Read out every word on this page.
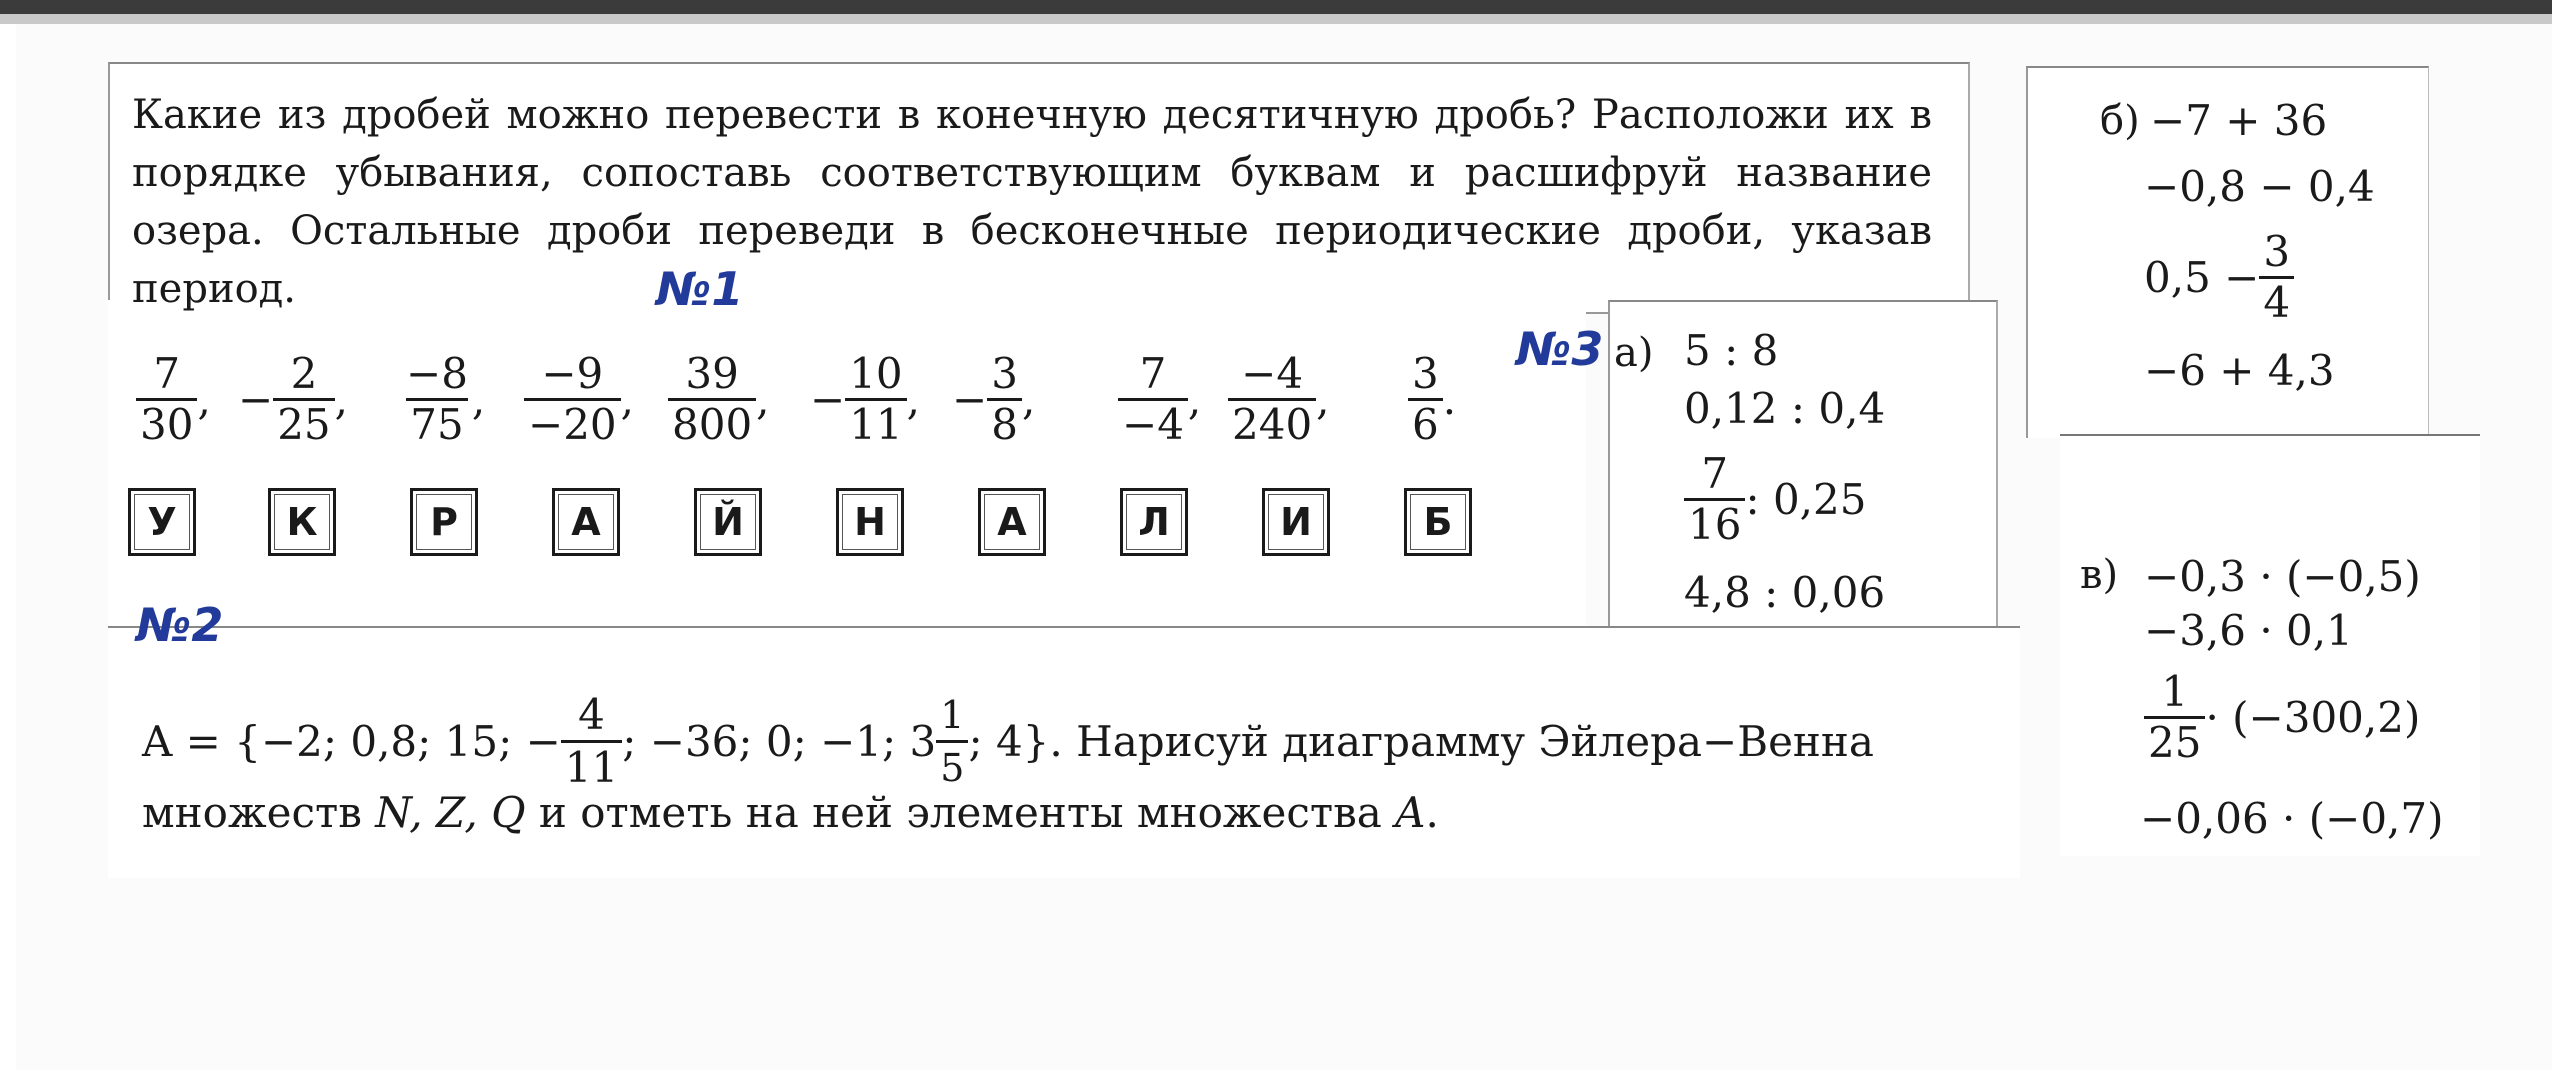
Какие из дробей можно перевести в конечную десятичную дробь? Расположи их в порядке убывания, сопоставь соответствующим буквам и расшифруй название озера. Остальные дроби переведи в бесконечные периодические дроби, указав период.	№1
$\frac{7}{30}$ , − $\frac{2}{25}$ , $\frac{-8}{75}$ , $\frac{-9}{-20}$ , $\frac{39}{800}$ , − $\frac{10}{11}$ , − $\frac{3}{8}$ , $\frac{7}{-4}$ , $\frac{-4}{240}$ , $\frac{3}{6}$ .
У	К	Р	А	Й	Н	А	Л	И	Б
№3 а) 5 : 8
0,12 : 0,4
$\frac{7}{16}$ : 0,25
4,8 : 0,06
б) −7 + 36
−0,8 − 0,4
$0,5 - \frac{3}{4}$
−6 + 4,3
в) −0,3 · (−0,5)
−3,6 · 0,1
$\frac{1}{25} \cdot (-300,2)$
−0,06 · (−0,7)
№2
A = {−2; 0,8; 15; − $\frac{4}{11}$ ; −36; 0; −1; $3 \frac{1}{5}$ ; 4}. Нарисуй диаграмму Эйлера−Венна
множеств N, Z, Q и отметь на ней элементы множества A.
